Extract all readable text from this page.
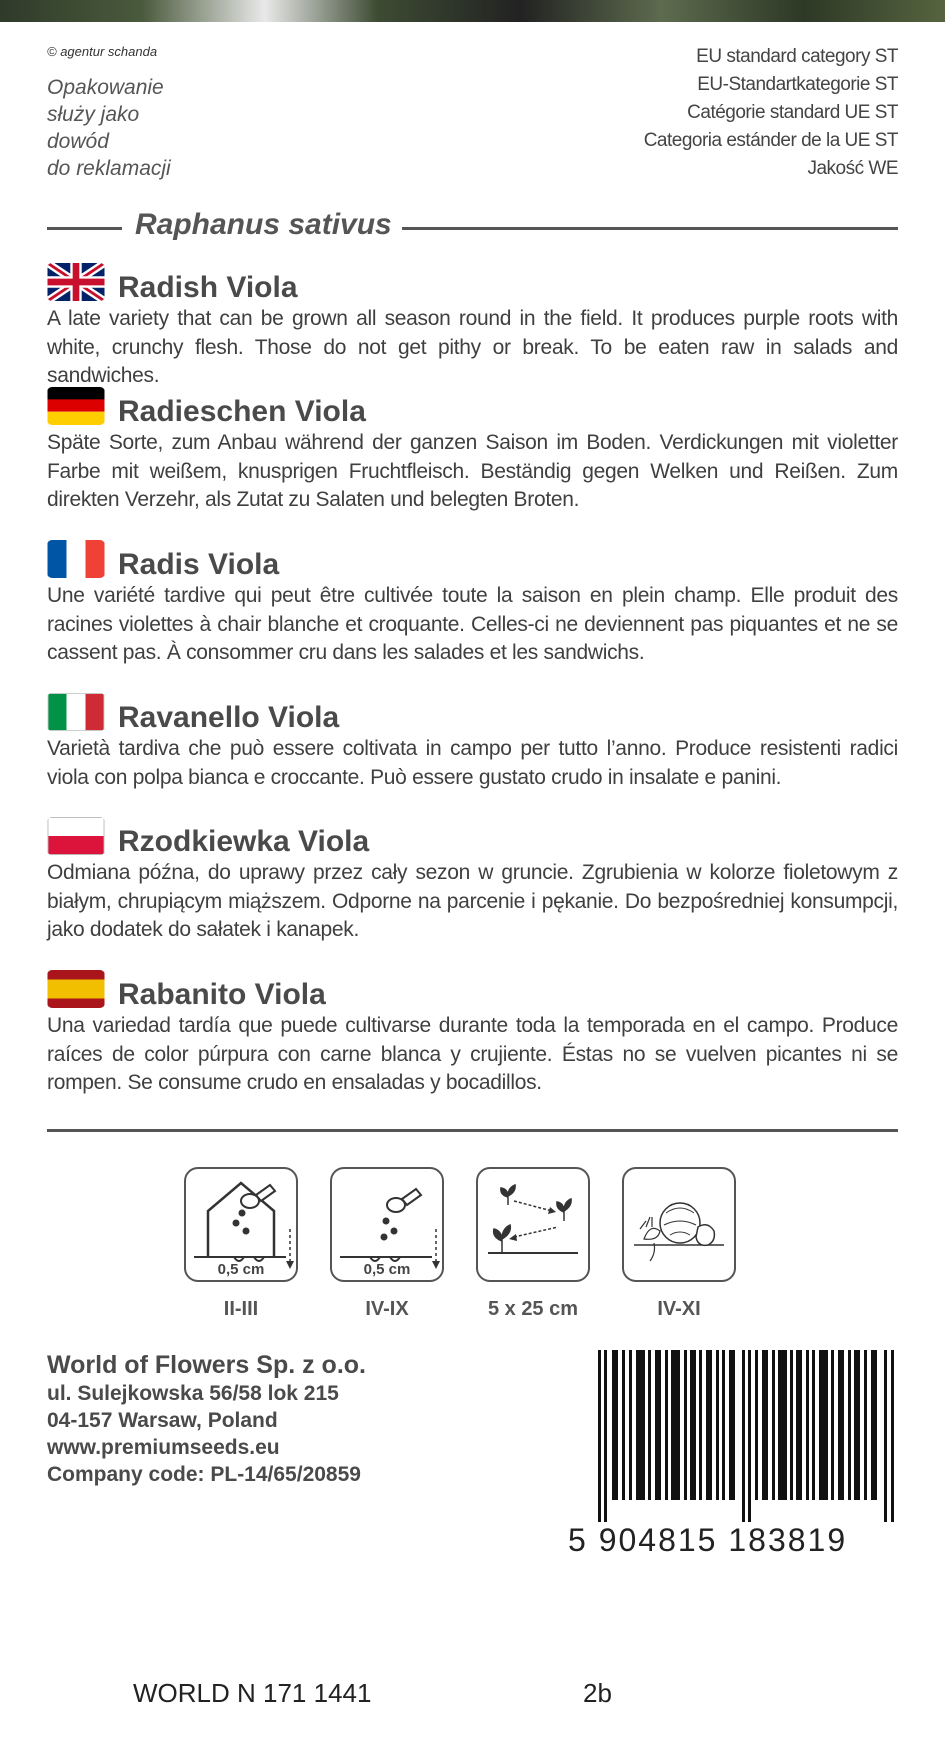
© agentur schanda
Opakowanie
służy jako
dowód
do reklamacji
EU standard category ST
EU-Standartkategorie ST
Catégorie standard UE ST
Categoria estánder de la UE ST
Jakość WE
Raphanus sativus
Radish Viola

A late variety that can be grown all season round in the field. It produces purple roots with white, crunchy flesh. Those do not get pithy or break. To be eaten raw in salads and sandwiches.

Radieschen Viola

Späte Sorte, zum Anbau während der ganzen Saison im Boden. Verdickungen mit violetter Farbe mit weißem, knusprigen Fruchtfleisch. Beständig gegen Welken und Reißen. Zum direkten Verzehr, als Zutat zu Salaten und belegten Broten.

Radis Viola

Une variété tardive qui peut être cultivée toute la saison en plein champ. Elle produit des racines violettes à chair blanche et croquante. Celles-ci ne deviennent pas piquantes et ne se cassent pas. À consommer cru dans les salades et les sandwichs.

Ravanello Viola

Varietà tardiva che può essere coltivata in campo per tutto l’anno. Produce resistenti radici viola con polpa bianca e croccante. Può essere gustato crudo in insalate e panini.

Rzodkiewka Viola

Odmiana późna, do uprawy przez cały sezon w gruncie. Zgrubienia w kolorze fioletowym z białym, chrupiącym miąższem. Odporne na parcenie i pękanie. Do bezpośredniej konsumpcji, jako dodatek do sałatek i kanapek.

Rabanito Viola

Una variedad tardía que puede cultivarse durante toda la temporada en el campo. Produce raíces de color púrpura con carne blanca y crujiente. Éstas no se vuelven picantes ni se rompen. Se consume crudo en ensaladas y bocadillos.

0,5 cm	0,5 cm
II-III	IV-IX	5 x 25 cm	IV-XI
World of Flowers Sp. z o.o.
ul. Sulejkowska 56/58 lok 215
04-157 Warsaw, Poland
www.premiumseeds.eu
Company code: PL-14/65/20859
5 904815 183819
WORLD N 171 1441	2b
